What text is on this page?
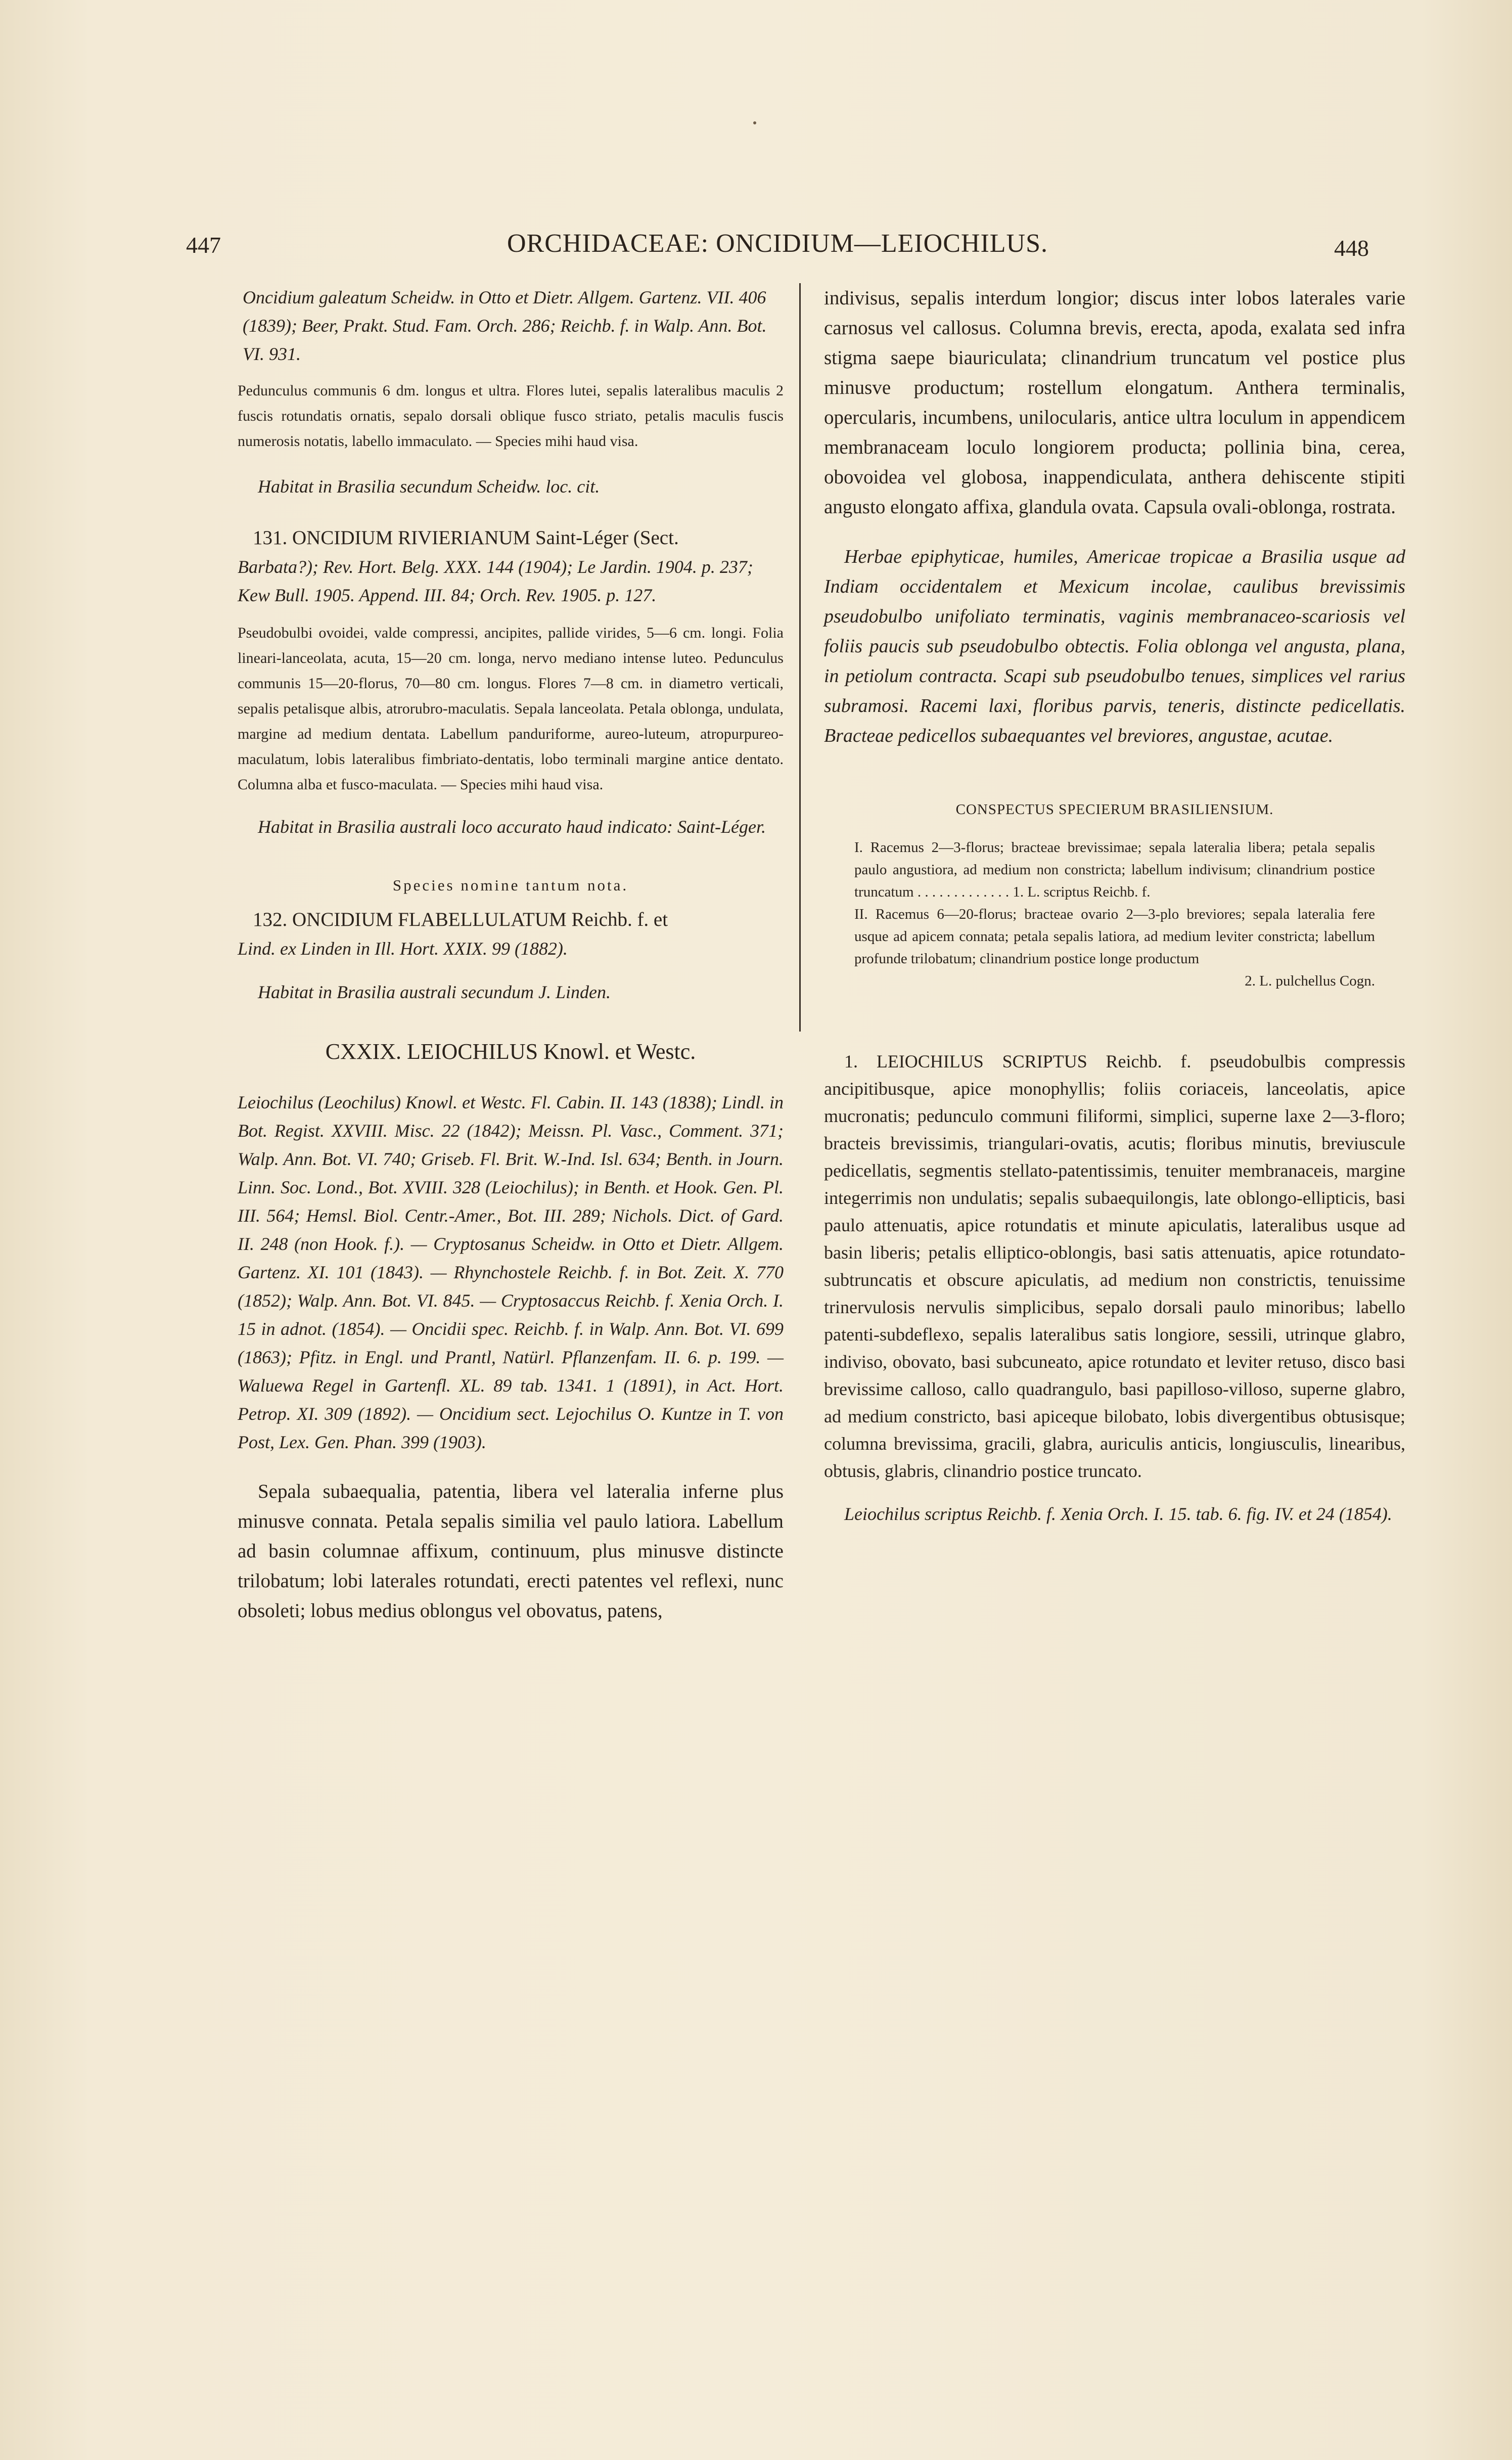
447	ORCHIDACEAE: ONCIDIUM—LEIOCHILUS.	448

Oncidium galeatum Scheidw. in Otto et Dietr. Allgem. Gartenz. VII. 406 (1839); Beer, Prakt. Stud. Fam. Orch. 286; Reichb. f. in Walp. Ann. Bot. VI. 931.

Pedunculus communis 6 dm. longus et ultra. Flores lutei, sepalis lateralibus maculis 2 fuscis rotundatis ornatis, sepalo dorsali oblique fusco striato, petalis maculis fuscis numerosis notatis, labello immaculato. — Species mihi haud visa.

Habitat in Brasilia secundum Scheidw. loc. cit.

131. ONCIDIUM RIVIERIANUM Saint-Léger (Sect.

Barbata?); Rev. Hort. Belg. XXX. 144 (1904); Le Jardin. 1904. p. 237; Kew Bull. 1905. Append. III. 84; Orch. Rev. 1905. p. 127.

Pseudobulbi ovoidei, valde compressi, ancipites, pallide virides, 5—6 cm. longi. Folia lineari-lanceolata, acuta, 15—20 cm. longa, nervo mediano intense luteo. Pedunculus communis 15—20-florus, 70—80 cm. longus. Flores 7—8 cm. in diametro verticali, sepalis petalisque albis, atrorubro-maculatis. Sepala lanceolata. Petala oblonga, undulata, margine ad medium dentata. Labellum panduriforme, aureo-luteum, atropurpureo-maculatum, lobis lateralibus fimbriato-dentatis, lobo terminali margine antice dentato. Columna alba et fusco-maculata. — Species mihi haud visa.

Habitat in Brasilia australi loco accurato haud indicato: Saint-Léger.

Species nomine tantum nota.

132. ONCIDIUM FLABELLULATUM Reichb. f. et

Lind. ex Linden in Ill. Hort. XXIX. 99 (1882).

Habitat in Brasilia australi secundum J. Linden.

CXXIX. LEIOCHILUS Knowl. et Westc.

Leiochilus (Leochilus) Knowl. et Westc. Fl. Cabin. II. 143 (1838); Lindl. in Bot. Regist. XXVIII. Misc. 22 (1842); Meissn. Pl. Vasc., Comment. 371; Walp. Ann. Bot. VI. 740; Griseb. Fl. Brit. W.-Ind. Isl. 634; Benth. in Journ. Linn. Soc. Lond., Bot. XVIII. 328 (Leiochilus); in Benth. et Hook. Gen. Pl. III. 564; Hemsl. Biol. Centr.-Amer., Bot. III. 289; Nichols. Dict. of Gard. II. 248 (non Hook. f.). — Cryptosanus Scheidw. in Otto et Dietr. Allgem. Gartenz. XI. 101 (1843). — Rhynchostele Reichb. f. in Bot. Zeit. X. 770 (1852); Walp. Ann. Bot. VI. 845. — Cryptosaccus Reichb. f. Xenia Orch. I. 15 in adnot. (1854). — Oncidii spec. Reichb. f. in Walp. Ann. Bot. VI. 699 (1863); Pfitz. in Engl. und Prantl, Natürl. Pflanzenfam. II. 6. p. 199. — Waluewa Regel in Gartenfl. XL. 89 tab. 1341. 1 (1891), in Act. Hort. Petrop. XI. 309 (1892). — Oncidium sect. Lejochilus O. Kuntze in T. von Post, Lex. Gen. Phan. 399 (1903).

Sepala subaequalia, patentia, libera vel lateralia inferne plus minusve connata. Petala sepalis similia vel paulo latiora. Labellum ad basin columnae affixum, continuum, plus minusve distincte trilobatum; lobi laterales rotundati, erecti patentes vel reflexi, nunc obsoleti; lobus medius oblongus vel obovatus, patens,

indivisus, sepalis interdum longior; discus inter lobos laterales varie carnosus vel callosus. Columna brevis, erecta, apoda, exalata sed infra stigma saepe biauriculata; clinandrium truncatum vel postice plus minusve productum; rostellum elongatum. Anthera terminalis, opercularis, incumbens, unilocularis, antice ultra loculum in appendicem membranaceam loculo longiorem producta; pollinia bina, cerea, obovoidea vel globosa, inappendiculata, anthera dehiscente stipiti angusto elongato affixa, glandula ovata. Capsula ovali-oblonga, rostrata.

Herbae epiphyticae, humiles, Americae tropicae a Brasilia usque ad Indiam occidentalem et Mexicum incolae, caulibus brevissimis pseudobulbo unifoliato terminatis, vaginis membranaceo-scariosis vel foliis paucis sub pseudobulbo obtectis. Folia oblonga vel angusta, plana, in petiolum contracta. Scapi sub pseudobulbo tenues, simplices vel rarius subramosi. Racemi laxi, floribus parvis, teneris, distincte pedicellatis. Bracteae pedicellos subaequantes vel breviores, angustae, acutae.

CONSPECTUS SPECIERUM BRASILIENSIUM.

I. Racemus 2—3-florus; bracteae brevissimae; sepala lateralia libera; petala sepalis paulo angustiora, ad medium non constricta; labellum indivisum; clinandrium postice truncatum . . . . . . . . . . . . . 1. L. scriptus Reichb. f.

II. Racemus 6—20-florus; bracteae ovario 2—3-plo breviores; sepala lateralia fere usque ad apicem connata; petala sepalis latiora, ad medium leviter constricta; labellum profunde trilobatum; clinandrium postice longe productum

2. L. pulchellus Cogn.

1. LEIOCHILUS SCRIPTUS Reichb. f. pseudobulbis compressis ancipitibusque, apice monophyllis; foliis coriaceis, lanceolatis, apice mucronatis; pedunculo communi filiformi, simplici, superne laxe 2—3-floro; bracteis brevissimis, triangulari-ovatis, acutis; floribus minutis, breviuscule pedicellatis, segmentis stellato-patentissimis, tenuiter membranaceis, margine integerrimis non undulatis; sepalis subaequilongis, late oblongo-ellipticis, basi paulo attenuatis, apice rotundatis et minute apiculatis, lateralibus usque ad basin liberis; petalis elliptico-oblongis, basi satis attenuatis, apice rotundato-subtruncatis et obscure apiculatis, ad medium non constrictis, tenuissime trinervulosis nervulis simplicibus, sepalo dorsali paulo minoribus; labello patenti-subdeflexo, sepalis lateralibus satis longiore, sessili, utrinque glabro, indiviso, obovato, basi subcuneato, apice rotundato et leviter retuso, disco basi brevissime calloso, callo quadrangulo, basi papilloso-villoso, superne glabro, ad medium constricto, basi apiceque bilobato, lobis divergentibus obtusisque; columna brevissima, gracili, glabra, auriculis anticis, longiusculis, linearibus, obtusis, glabris, clinandrio postice truncato.

Leiochilus scriptus Reichb. f. Xenia Orch. I. 15. tab. 6. fig. IV. et 24 (1854).
